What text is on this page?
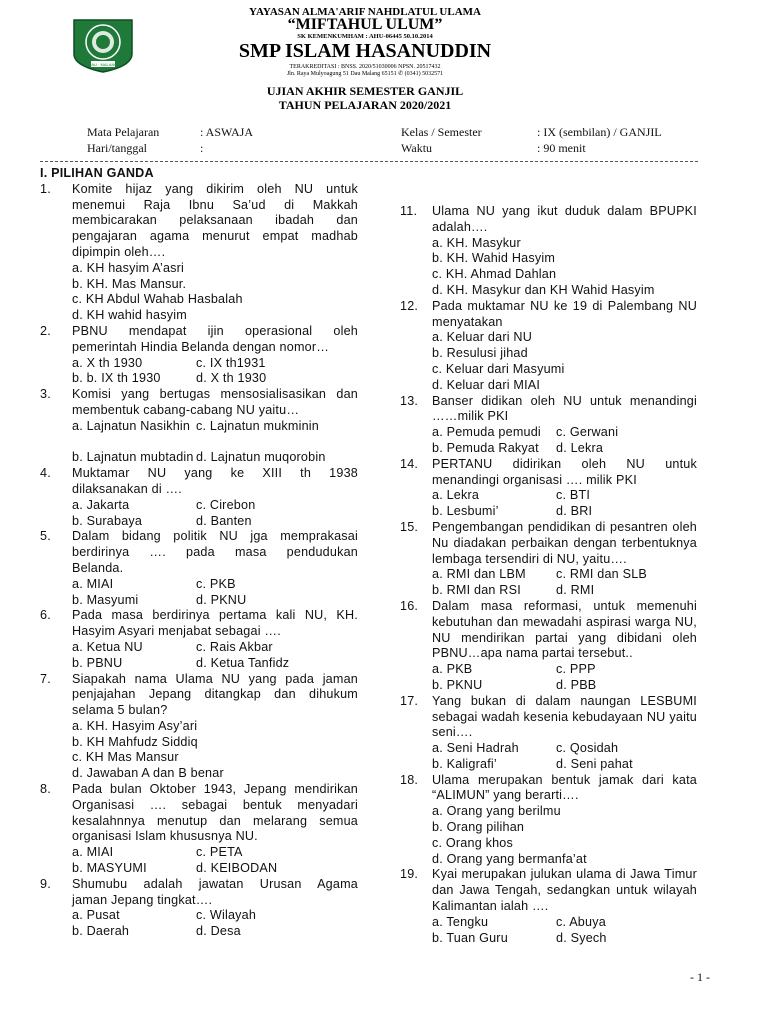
DAU · MALANG
YAYASAN ALMA'ARIF NAHDLATUL ULAMA
“MIFTAHUL ULUM”
SK KEMENKUMHAM : AHU-06445 50.10.2014
SMP ISLAM HASANUDDIN
TERAKREDITASI : BNSS. 2020/51030006 NPSN. 20517432
Jln. Raya Mulyoagung 51 Dau Malang 65151 ✆ (0341) 5032571
UJIAN AKHIR SEMESTER GANJIL
TAHUN PELAJARAN 2020/2021
Mata Pelajaran	: ASWAJA
Hari/tanggal	:
Kelas / Semester	: IX (sembilan) / GANJIL
Waktu	: 90 menit
I. PILIHAN GANDA
1.	Komite hijaz yang dikirim oleh NU untuk
menemui Raja Ibnu Sa’ud di Makkah
membicarakan pelaksanaan ibadah dan
pengajaran agama menurut empat madhab
dipimpin oleh….
a. KH hasyim A’asri
b. KH. Mas Mansur.
c. KH Abdul Wahab Hasbalah
d. KH wahid hasyim
2.	PBNU mendapat ijin operasional oleh
pemerintah Hindia Belanda dengan nomor…
a. X th 1930	c. IX th1931
b. b. IX th 1930	d. X th 1930
3.	Komisi yang bertugas mensosialisasikan dan
membentuk cabang-cabang NU yaitu…
a. Lajnatun Nasikhin c. Lajnatun mukminin
b. Lajnatun mubtadin d. Lajnatun muqorobin
4.	Muktamar NU yang ke XIII th 1938
dilaksanakan di ….
a. Jakarta	c. Cirebon
b. Surabaya	d. Banten
5.	Dalam bidang politik NU jga memprakasai
berdirinya …. pada masa pendudukan
Belanda.
a. MIAI	c. PKB
b. Masyumi	d. PKNU
6.	Pada masa berdirinya pertama kali NU, KH.
Hasyim Asyari menjabat sebagai ….
a. Ketua NU	c. Rais Akbar
b. PBNU	d. Ketua Tanfidz
7.	Siapakah nama Ulama NU yang pada jaman
penjajahan Jepang ditangkap dan dihukum
selama 5 bulan?
a. KH. Hasyim Asy’ari
b. KH Mahfudz Siddiq
c. KH Mas Mansur
d. Jawaban A dan B benar
8.	Pada bulan Oktober 1943, Jepang mendirikan
Organisasi …. sebagai bentuk menyadari
kesalahnnya menutup dan melarang semua
organisasi Islam khususnya NU.
a. MIAI	c. PETA
b. MASYUMI	d. KEIBODAN
9.	Shumubu adalah jawatan Urusan Agama
jaman Jepang tingkat….
a. Pusat	c. Wilayah
b. Daerah	d. Desa
11.	Ulama NU yang ikut duduk dalam BPUPKI
adalah….
a. KH. Masykur
b. KH. Wahid Hasyim
c. KH. Ahmad Dahlan
d. KH. Masykur dan KH Wahid Hasyim
12.	Pada muktamar NU ke 19 di Palembang NU
menyatakan
a. Keluar dari NU
b. Resulusi jihad
c. Keluar dari Masyumi
d. Keluar dari MIAI
13.	Banser didikan oleh NU untuk menandingi
……milik PKI
a. Pemuda pemudi	c. Gerwani
b. Pemuda Rakyat	d. Lekra
14.	PERTANU didirikan oleh NU untuk
menandingi organisasi …. milik PKI
a. Lekra	c. BTI
b. Lesbumi’	d. BRI
15.	Pengembangan pendidikan di pesantren oleh
Nu diadakan perbaikan dengan terbentuknya
lembaga tersendiri di NU, yaitu….
a. RMI dan LBM	c. RMI dan SLB
b. RMI dan RSI	d. RMI
16.	Dalam masa reformasi, untuk memenuhi
kebutuhan dan mewadahi aspirasi warga NU,
NU mendirikan partai yang dibidani oleh
PBNU…apa nama partai tersebut..
a. PKB	c. PPP
b. PKNU	d. PBB
17.	Yang bukan di dalam naungan LESBUMI
sebagai wadah kesenia kebudayaan NU yaitu
seni….
a. Seni Hadrah	c. Qosidah
b. Kaligrafi’	d. Seni pahat
18.	Ulama merupakan bentuk jamak dari kata
“ALIMUN” yang berarti….
a. Orang yang berilmu
b. Orang pilihan
c. Orang khos
d. Orang yang bermanfa’at
19.	Kyai merupakan julukan ulama di Jawa Timur
dan Jawa Tengah, sedangkan untuk wilayah
Kalimantan ialah ….
a. Tengku	c. Abuya
b. Tuan Guru	d. Syech
- 1 -
